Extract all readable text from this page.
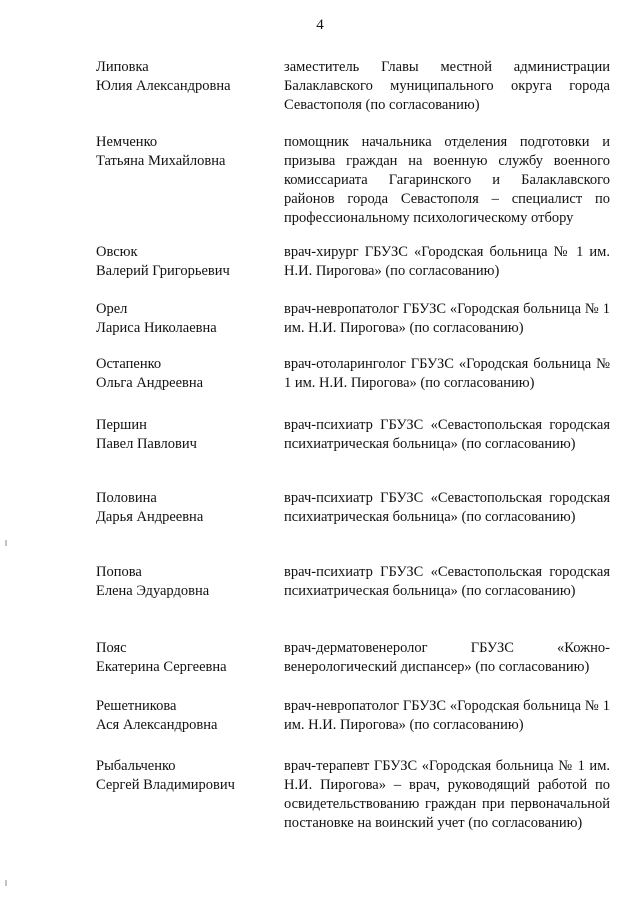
4
Липовка
Юлия Александровна
заместитель Главы местной администрации Балаклавского муниципального округа города Севастополя (по согласованию)
Немченко
Татьяна Михайловна
помощник начальника отделения подготовки и призыва граждан на военную службу военного комиссариата Гагаринского и Балаклавского районов города Севастополя – специалист по профессиональному психологическому отбору
Овсюк
Валерий Григорьевич
врач-хирург ГБУЗС «Городская больница № 1 им. Н.И. Пирогова» (по согласованию)
Орел
Лариса Николаевна
врач-невропатолог ГБУЗС «Городская больница № 1 им. Н.И. Пирогова» (по согласованию)
Остапенко
Ольга Андреевна
врач-отоларинголог ГБУЗС «Городская больница № 1 им. Н.И. Пирогова» (по согласованию)
Першин
Павел Павлович
врач-психиатр ГБУЗС «Севастопольская городская психиатрическая больница» (по согласованию)
Половина
Дарья Андреевна
врач-психиатр ГБУЗС «Севастопольская городская психиатрическая больница» (по согласованию)
Попова
Елена Эдуардовна
врач-психиатр ГБУЗС «Севастопольская городская психиатрическая больница» (по согласованию)
Пояс
Екатерина Сергеевна
врач-дерматовенеролог ГБУЗС «Кожно-венерологический диспансер» (по согласованию)
Решетникова
Ася Александровна
врач-невропатолог ГБУЗС «Городская больница № 1 им. Н.И. Пирогова» (по согласованию)
Рыбальченко
Сергей Владимирович
врач-терапевт ГБУЗС «Городская больница № 1 им. Н.И. Пирогова» – врач, руководящий работой по освидетельствованию граждан при первоначальной постановке на воинский учет (по согласованию)
